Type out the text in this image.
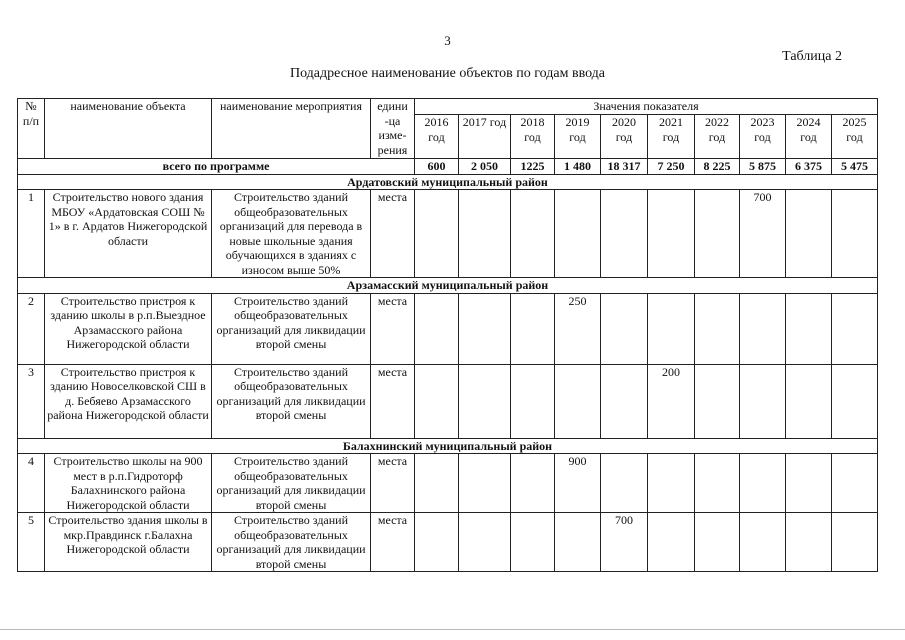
3
Таблица 2
Подадресное наименование объектов по годам ввода
№ п/п	наименование объекта	наименование мероприятия	едини -ца изме- рения	Значения показателя									
				2016 год	2017 год	2018 год	2019 год	2020 год	2021 год	2022 год	2023 год	2024 год	2025 год
всего по программе				600	2 050	1225	1 480	18 317	7 250	8 225	5 875	6 375	5 475
Ардатовский муниципальный район													
1	Строительство нового здания МБОУ «Ардатовская СОШ № 1» в г. Ардатов Нижегородской области	Строительство зданий общеобразовательных организаций для перевода в новые школьные здания обучающихся в зданиях с износом выше 50%	места								700		
Арзамасский муниципальный район													
2	Строительство пристроя к зданию школы в р.п.Выездное Арзамасского района Нижегородской области	Строительство зданий общеобразовательных организаций для ликвидации второй смены	места				250						
3	Строительство пристроя к зданию Новоселковской СШ в д. Бебяево Арзамасского района Нижегородской области	Строительство зданий общеобразовательных организаций для ликвидации второй смены	места						200				
Балахнинский муниципальный район													
4	Строительство школы на 900 мест в р.п.Гидроторф Балахнинского района Нижегородской области	Строительство зданий общеобразовательных организаций для ликвидации второй смены	места				900						
5	Строительство здания школы в мкр.Правдинск г.Балахна Нижегородской области	Строительство зданий общеобразовательных организаций для ликвидации второй смены	места					700					
